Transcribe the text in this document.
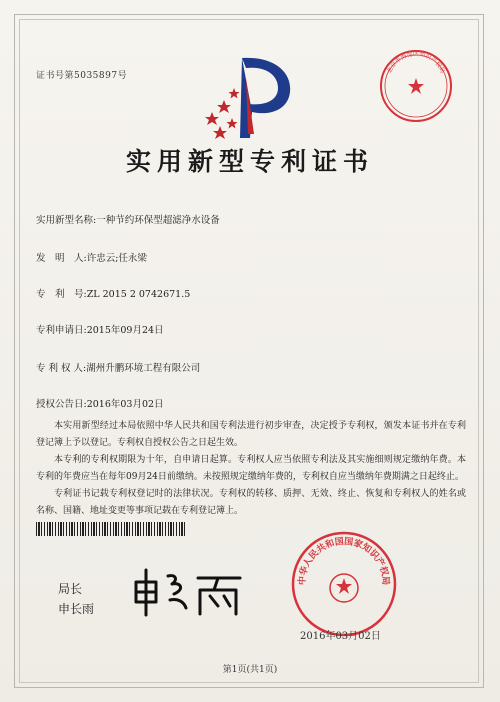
证书号第5035897号
北京市海淀区知识产权局
实用新型专利证书
实用新型名称:一种节约环保型超滤净水设备
发　明　人:许忠云;任永梁
专　利　号:ZL 2015 2 0742671.5
专利申请日:2015年09月24日
专 利 权 人:湖州升鹏环境工程有限公司
授权公告日:2016年03月02日

本实用新型经过本局依照中华人民共和国专利法进行初步审查，决定授予专利权，颁发本证书并在专利登记簿上予以登记。专利权自授权公告之日起生效。

本专利的专利权期限为十年，自申请日起算。专利权人应当依照专利法及其实施细则规定缴纳年费。本专利的年费应当在每年09月24日前缴纳。未按照规定缴纳年费的，专利权自应当缴纳年费期满之日起终止。

专利证书记载专利权登记时的法律状况。专利权的转移、质押、无效、终止、恢复和专利权人的姓名或名称、国籍、地址变更等事项记载在专利登记簿上。

局长
申长雨
中华人民共和国国家知识产权局
2016年03月02日
第1页(共1页)
